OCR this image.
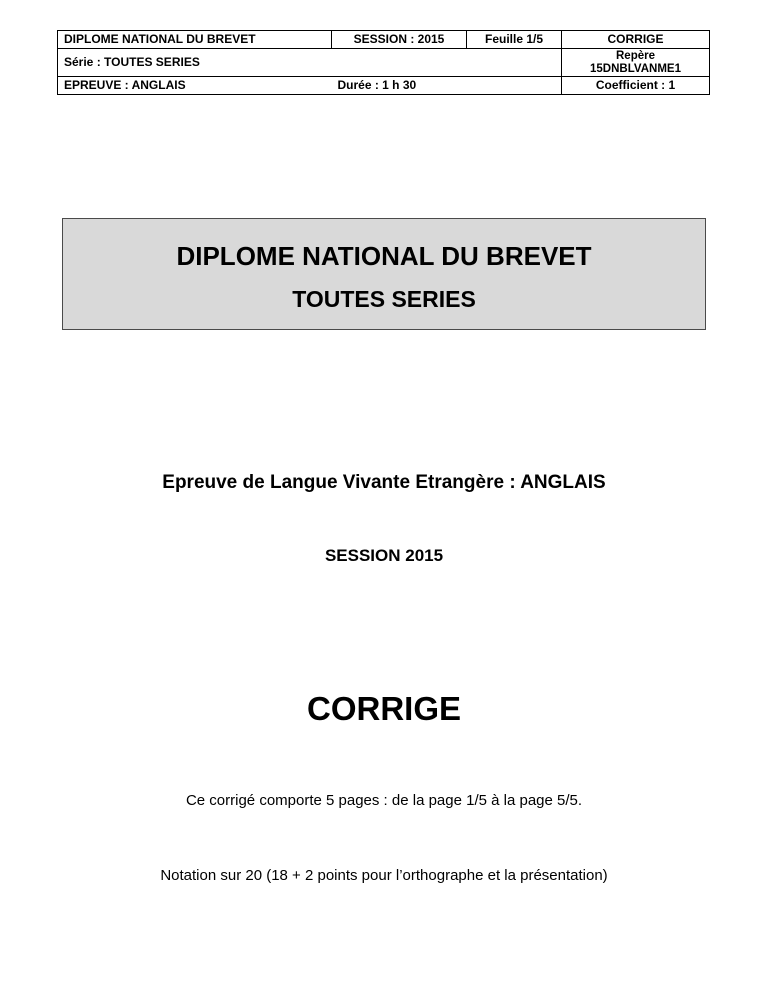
DIPLOME NATIONAL DU BREVET	SESSION : 2015	Feuille 1/5	CORRIGE
Série : TOUTES SERIES			Repère
15DNBLVANME1

EPREUVE : ANGLAIS	Durée : 1 h 30		Coefficient : 1
DIPLOME NATIONAL DU BREVET
TOUTES SERIES
Epreuve de Langue Vivante Etrangère : ANGLAIS
SESSION 2015
CORRIGE
Ce corrigé comporte 5 pages : de la page 1/5 à la page 5/5.
Notation sur 20 (18 + 2 points pour l’orthographe et la présentation)
